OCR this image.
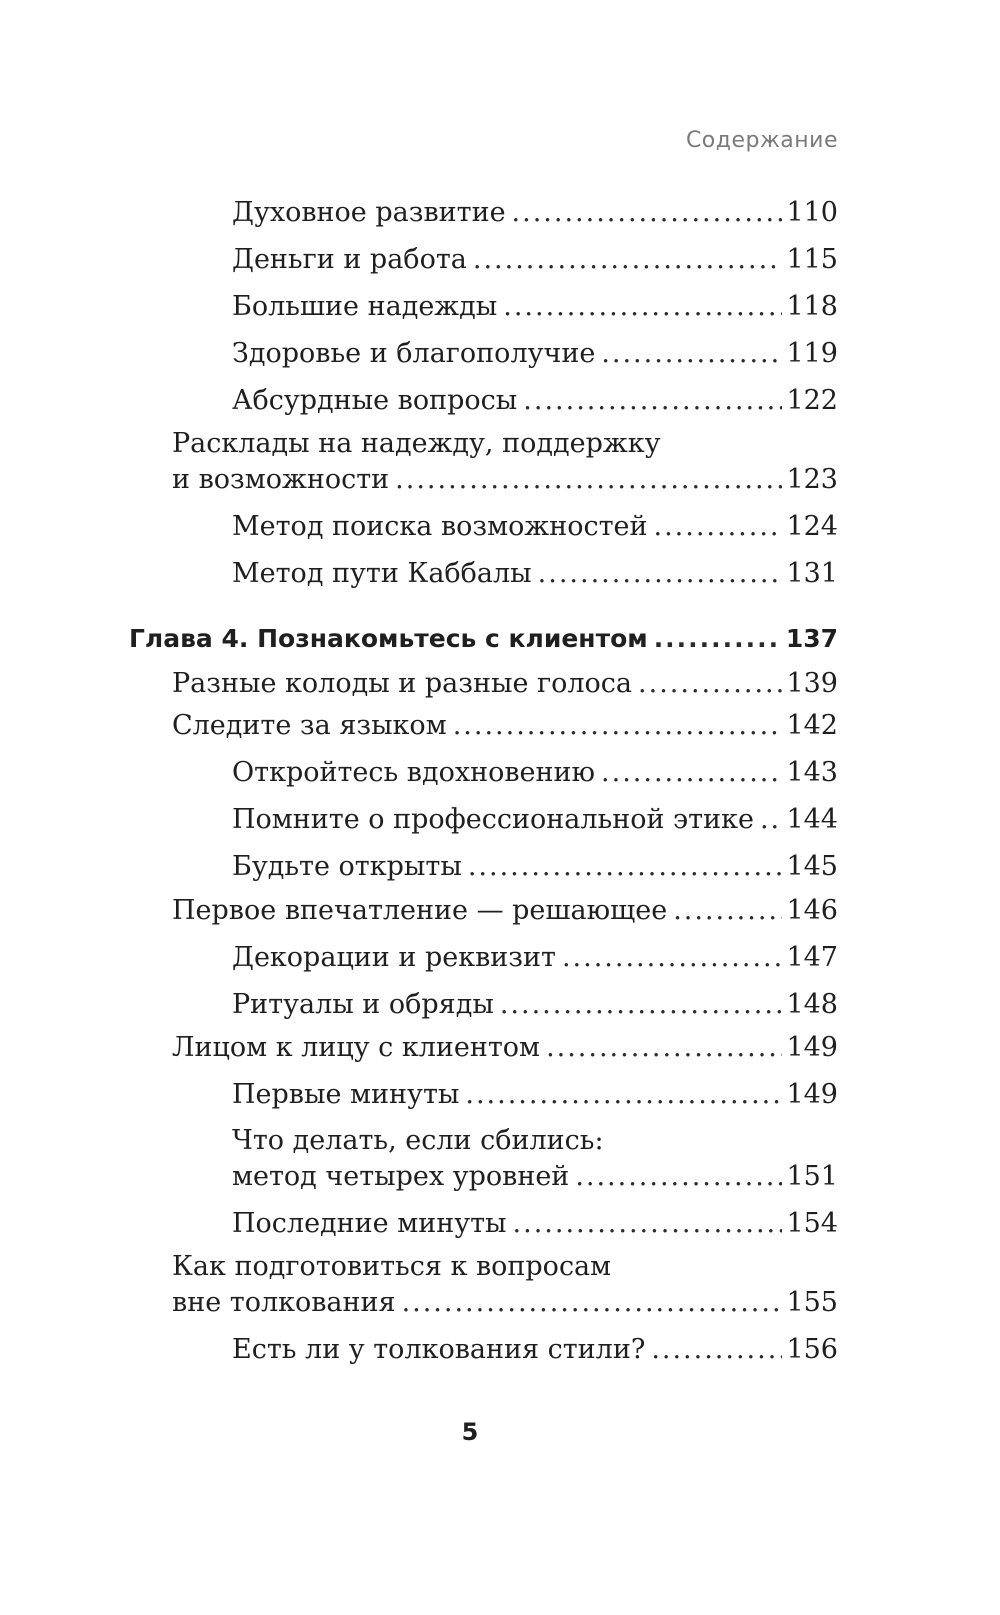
Содержание
Духовное развитие .....	110
Деньги и работа .....	115
Большие надежды .....	118
Здоровье и благополучие .....	119
Абсурдные вопросы .....	122
Расклады на надежду, поддержку
и возможности .....	123
Метод поиска возможностей .....	124
Метод пути Каббалы .....	131
Глава 4. Познакомьтесь с клиентом .....	137
Разные колоды и разные голоса .....	139
Следите за языком .....	142
Откройтесь вдохновению .....	143
Помните о профессиональной этике ..... 144
Будьте открыты .....	145
Первое впечатление — решающее .....	146
Декорации и реквизит .....	147
Ритуалы и обряды .....	148
Лицом к лицу с клиентом .....	149
Первые минуты .....	149
Что делать, если сбились:
метод четырех уровней .....	151
Последние минуты .....	154
Как подготовиться к вопросам
вне толкования .....	155
Есть ли у толкования стили? .....	156
5
